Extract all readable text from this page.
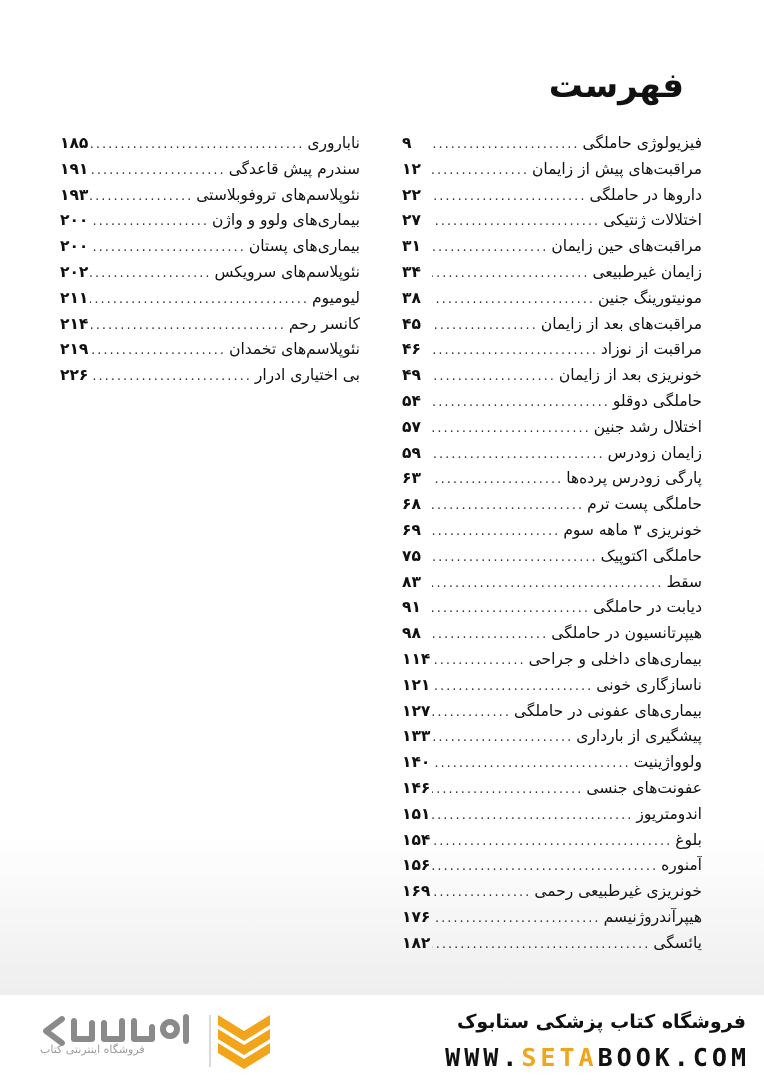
فهرست
فیزیولوژی حاملگی
.....
۹
مراقبت‌های پیش از زایمان
.....
۱۲
داروها در حاملگی
.....
۲۲
اختلالات ژنتیکی
.....
۲۷
مراقبت‌های حین زایمان
.....
۳۱
زایمان غیرطبیعی
.....
۳۴
مونیتورینگ جنین
.....
۳۸
مراقبت‌های بعد از زایمان
.....
۴۵
مراقبت از نوزاد
.....
۴۶
خونریزی بعد از زایمان
.....
۴۹
حاملگی دوقلو
.....
۵۴
اختلال رشد جنین
.....
۵۷
زایمان زودرس
.....
۵۹
پارگی زودرس پرده‌ها
.....
۶۳
حاملگی پست ترم
.....
۶۸
خونریزی ۳ ماهه سوم
.....
۶۹
حاملگی اکتوپیک
.....
۷۵
سقط
.....
۸۳
دیابت در حاملگی
.....
۹۱
هیپرتانسیون در حاملگی
.....
۹۸
بیماری‌های داخلی و جراحی
.....
۱۱۴
ناسازگاری خونی
.....
۱۲۱
بیماری‌های عفونی در حاملگی
.....
۱۲۷
پیشگیری از بارداری
.....
۱۳۳
ولوواژینیت
.....
۱۴۰
عفونت‌های جنسی
.....
۱۴۶
اندومتریوز
.....
۱۵۱
بلوغ
.....
۱۵۴
آمنوره
.....
۱۵۶
خونریزی غیرطبیعی رحمی
.....
۱۶۹
هیپرآندروژنیسم
.....
۱۷۶
یائسگی
.....
۱۸۲
ناباروری
.....
۱۸۵
سندرم پیش قاعدگی
.....
۱۹۱
نئوپلاسم‌های تروفوبلاستی
.....
۱۹۳
بیماری‌های ولوو و واژن
.....
۲۰۰
بیماری‌های پستان
.....
۲۰۰
نئوپلاسم‌های سرویکس
.....
۲۰۲
لیومیوم
.....
۲۱۱
کانسر رحم
.....
۲۱۴
نئوپلاسم‌های تخمدان
.....
۲۱۹
بی اختیاری ادرار
.....
۲۲۶
فروشگاه اینترنتی کتاب
فروشگاه کتاب پزشکی ستابوک
WWW.SETABOOK.COM
